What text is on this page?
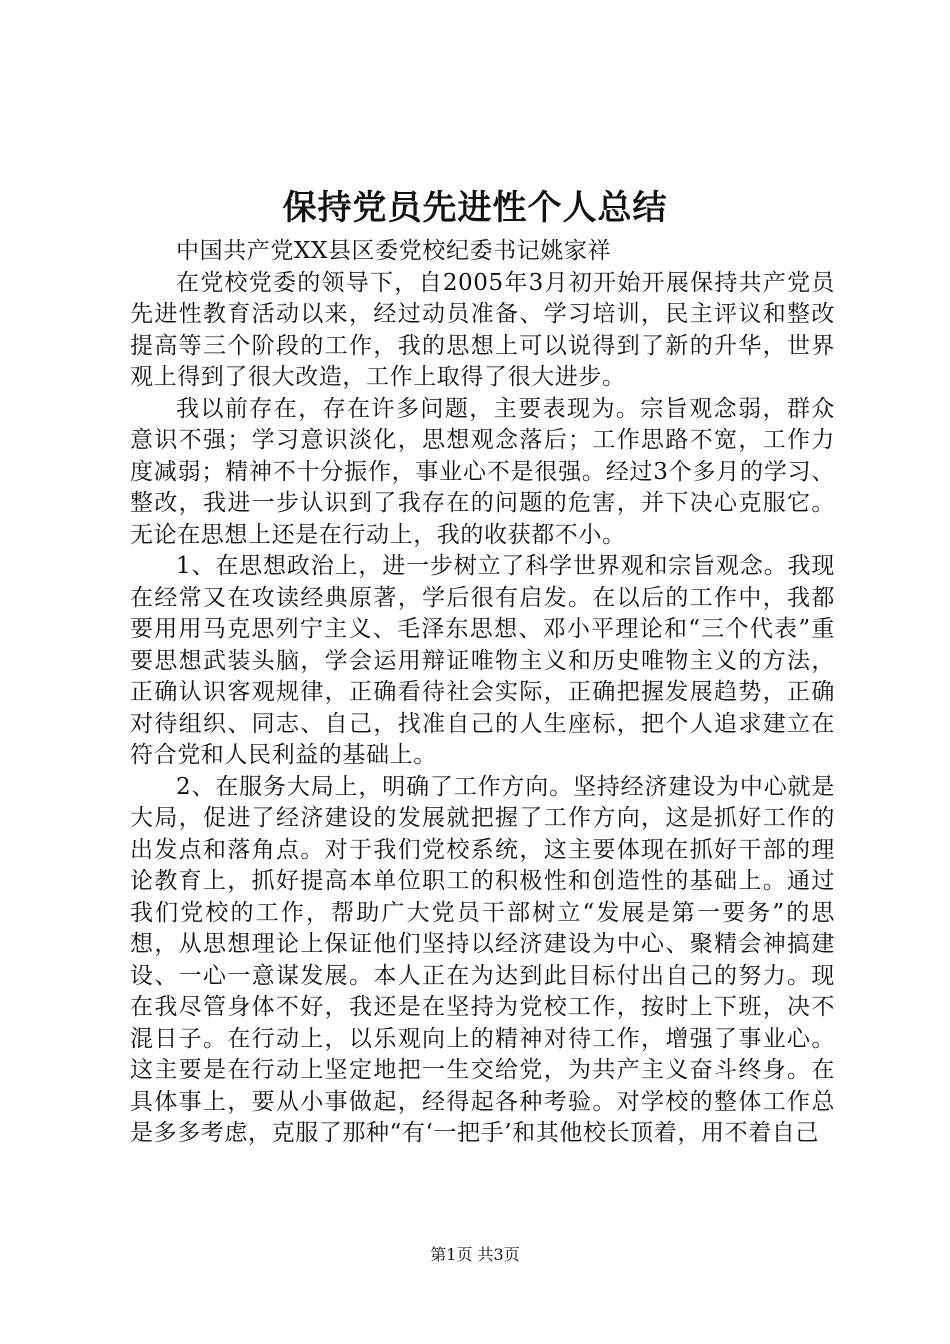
保持党员先进性个人总结

中国共产党XX县区委党校纪委书记姚家祥

在党校党委的领导下，自2005年3月初开始开展保持共产党员先进性教育活动以来，经过动员准备、学习培训，民主评议和整改提高等三个阶段的工作，我的思想上可以说得到了新的升华，世界观上得到了很大改造，工作上取得了很大进步。

我以前存在，存在许多问题，主要表现为。宗旨观念弱，群众意识不强；学习意识淡化，思想观念落后；工作思路不宽，工作力度减弱；精神不十分振作，事业心不是很强。经过3个多月的学习、整改，我进一步认识到了我存在的问题的危害，并下决心克服它。无论在思想上还是在行动上，我的收获都不小。

1、在思想政治上，进一步树立了科学世界观和宗旨观念。我现在经常又在攻读经典原著，学后很有启发。在以后的工作中，我都要用用马克思列宁主义、毛泽东思想、邓小平理论和“三个代表”重要思想武装头脑，学会运用辩证唯物主义和历史唯物主义的方法，正确认识客观规律，正确看待社会实际，正确把握发展趋势，正确对待组织、同志、自己，找准自己的人生座标，把个人追求建立在符合党和人民利益的基础上。

2、在服务大局上，明确了工作方向。坚持经济建设为中心就是大局，促进了经济建设的发展就把握了工作方向，这是抓好工作的出发点和落角点。对于我们党校系统，这主要体现在抓好干部的理论教育上，抓好提高本单位职工的积极性和创造性的基础上。通过我们党校的工作，帮助广大党员干部树立“发展是第一要务”的思想，从思想理论上保证他们坚持以经济建设为中心、聚精会神搞建设、一心一意谋发展。本人正在为达到此目标付出自己的努力。现在我尽管身体不好，我还是在坚持为党校工作，按时上下班，决不混日子。在行动上，以乐观向上的精神对待工作，增强了事业心。这主要是在行动上坚定地把一生交给党，为共产主义奋斗终身。在具体事上，要从小事做起，经得起各种考验。对学校的整体工作总是多多考虑，克服了那种“有‘一把手’和其他校长顶着，用不着自己

第1页 共3页
